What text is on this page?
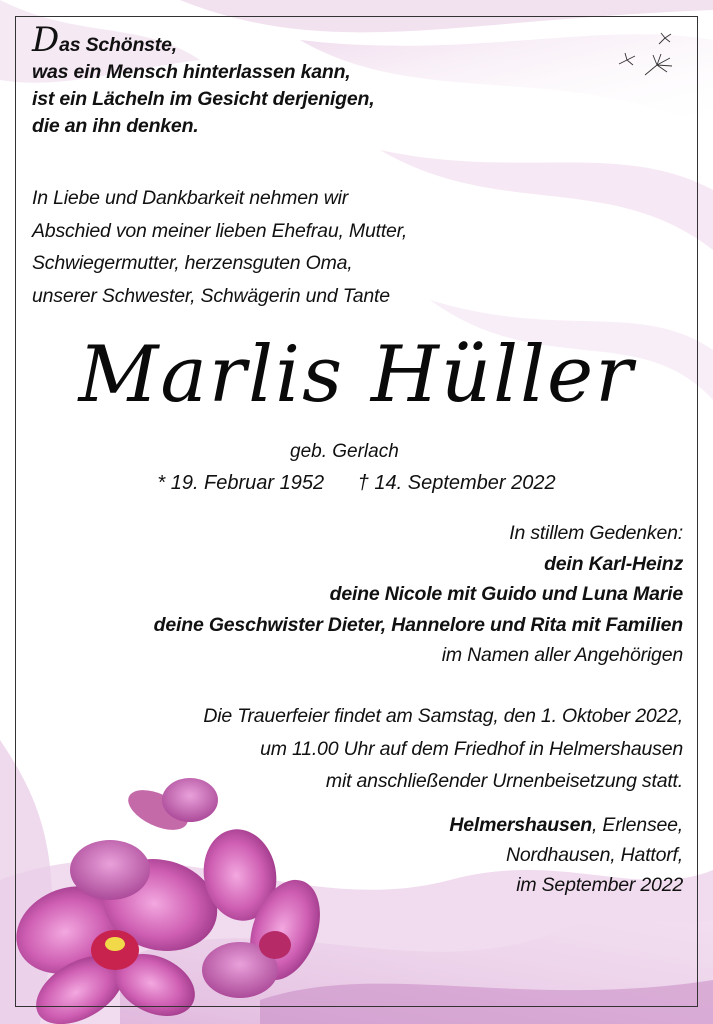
Das Schönste,
was ein Mensch hinterlassen kann,
ist ein Lächeln im Gesicht derjenigen,
die an ihn denken.
In Liebe und Dankbarkeit nehmen wir
Abschied von meiner lieben Ehefrau, Mutter,
Schwiegermutter, herzensguten Oma,
unserer Schwester, Schwägerin und Tante
Marlis Hüller
geb. Gerlach
* 19. Februar 1952 † 14. September 2022
In stillem Gedenken:
dein Karl-Heinz
deine Nicole mit Guido und Luna Marie
deine Geschwister Dieter, Hannelore und Rita mit Familien
im Namen aller Angehörigen
Die Trauerfeier findet am Samstag, den 1. Oktober 2022,
um 11.00 Uhr auf dem Friedhof in Helmershausen
mit anschließender Urnenbeisetzung statt.
Helmershausen, Erlensee,
Nordhausen, Hattorf,
im September 2022
